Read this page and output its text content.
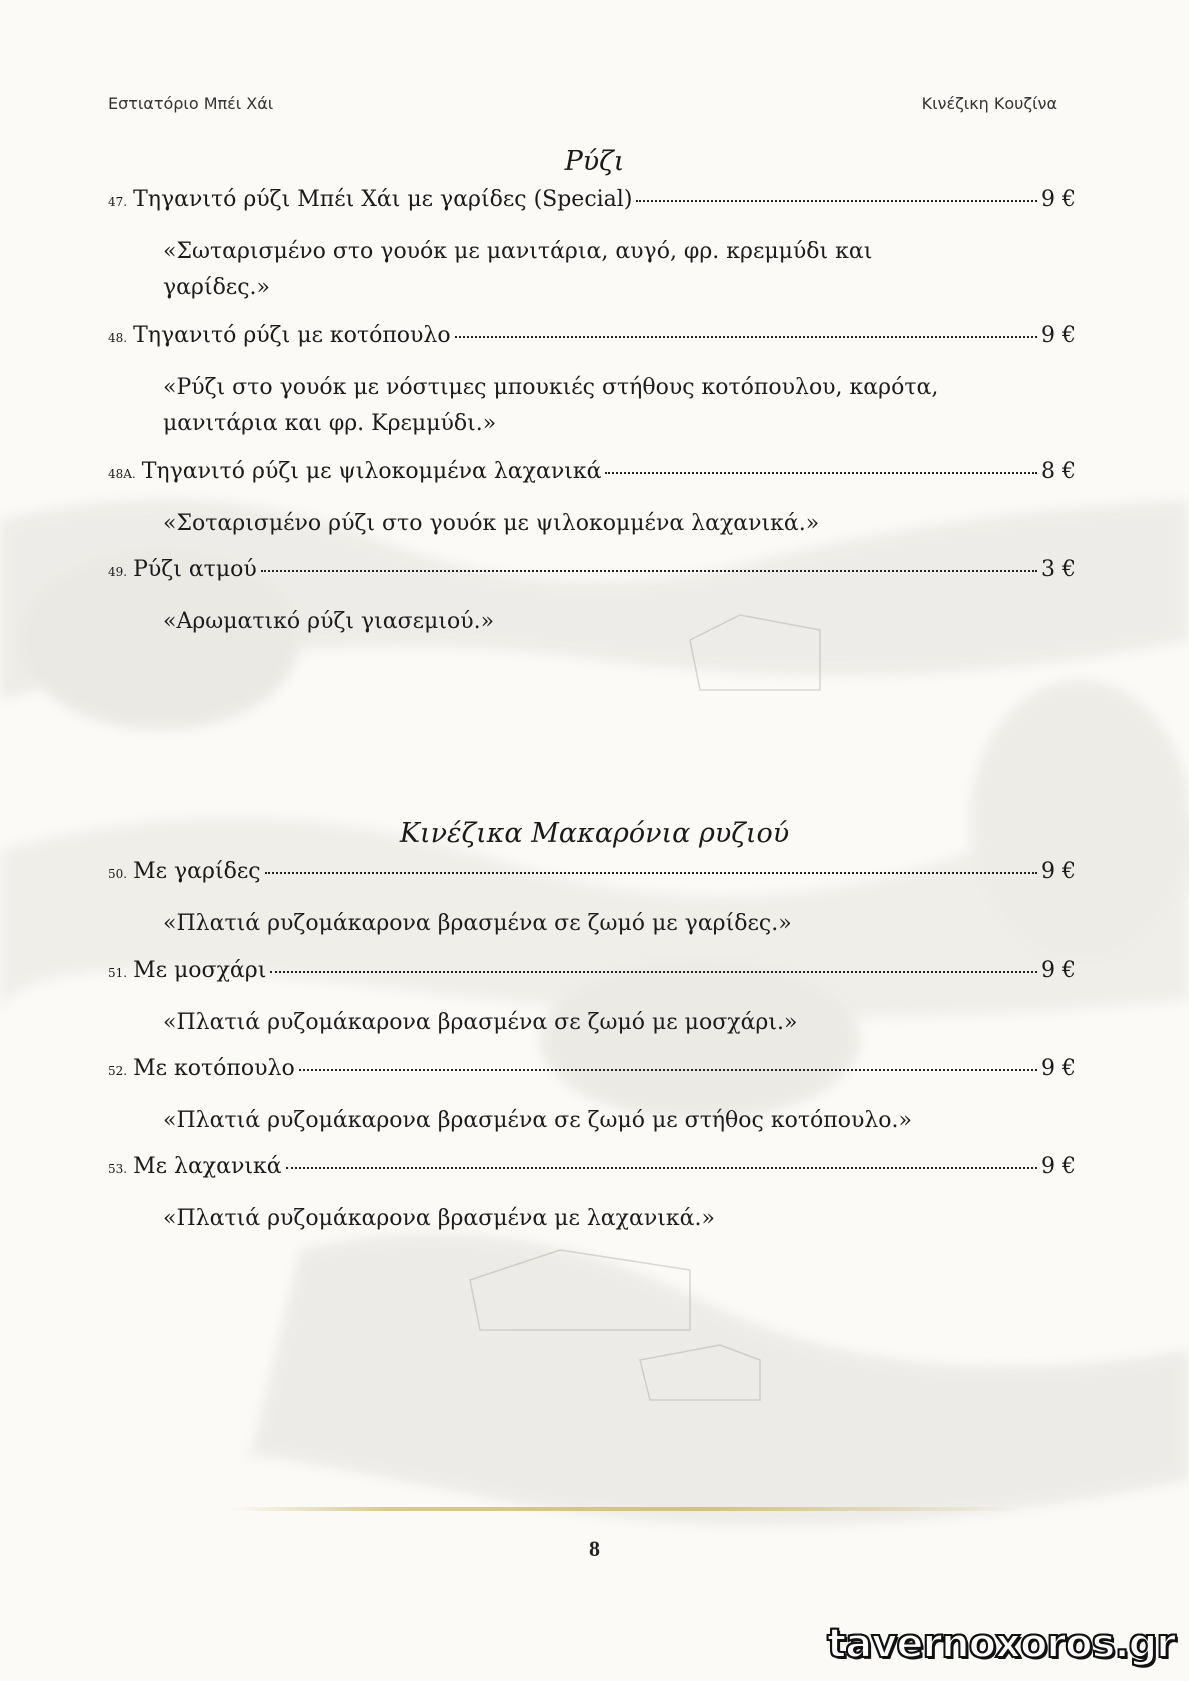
Εστιατόριο Μπέι Χάι	Κινέζικη Κουζίνα
Ρύζι
47. Τηγανιτό ρύζι Μπέι Χάι με γαρίδες (Special)	9 €
«Σωταρισμένο στο γουόκ με μανιτάρια, αυγό, φρ. κρεμμύδι και
γαρίδες.»
48. Τηγανιτό ρύζι με κοτόπουλο	9 €
«Ρύζι στο γουόκ με νόστιμες μπουκιές στήθους κοτόπουλου, καρότα,
μανιτάρια και φρ. Κρεμμύδι.»
48A. Τηγανιτό ρύζι με ψιλοκομμένα λαχανικά	8 €
«Σοταρισμένο ρύζι στο γουόκ με ψιλοκομμένα λαχανικά.»
49. Ρύζι ατμού	3 €
«Αρωματικό ρύζι γιασεμιού.»
Κινέζικα Μακαρόνια ρυζιού
50. Με γαρίδες	9 €
«Πλατιά ρυζομάκαρονα βρασμένα σε ζωμό με γαρίδες.»
51. Με μοσχάρι	9 €
«Πλατιά ρυζομάκαρονα βρασμένα σε ζωμό με μοσχάρι.»
52. Με κοτόπουλο	9 €
«Πλατιά ρυζομάκαρονα βρασμένα σε ζωμό με στήθος κοτόπουλο.»
53. Με λαχανικά	9 €
«Πλατιά ρυζομάκαρονα βρασμένα με λαχανικά.»
8
tavernoxoros.gr
